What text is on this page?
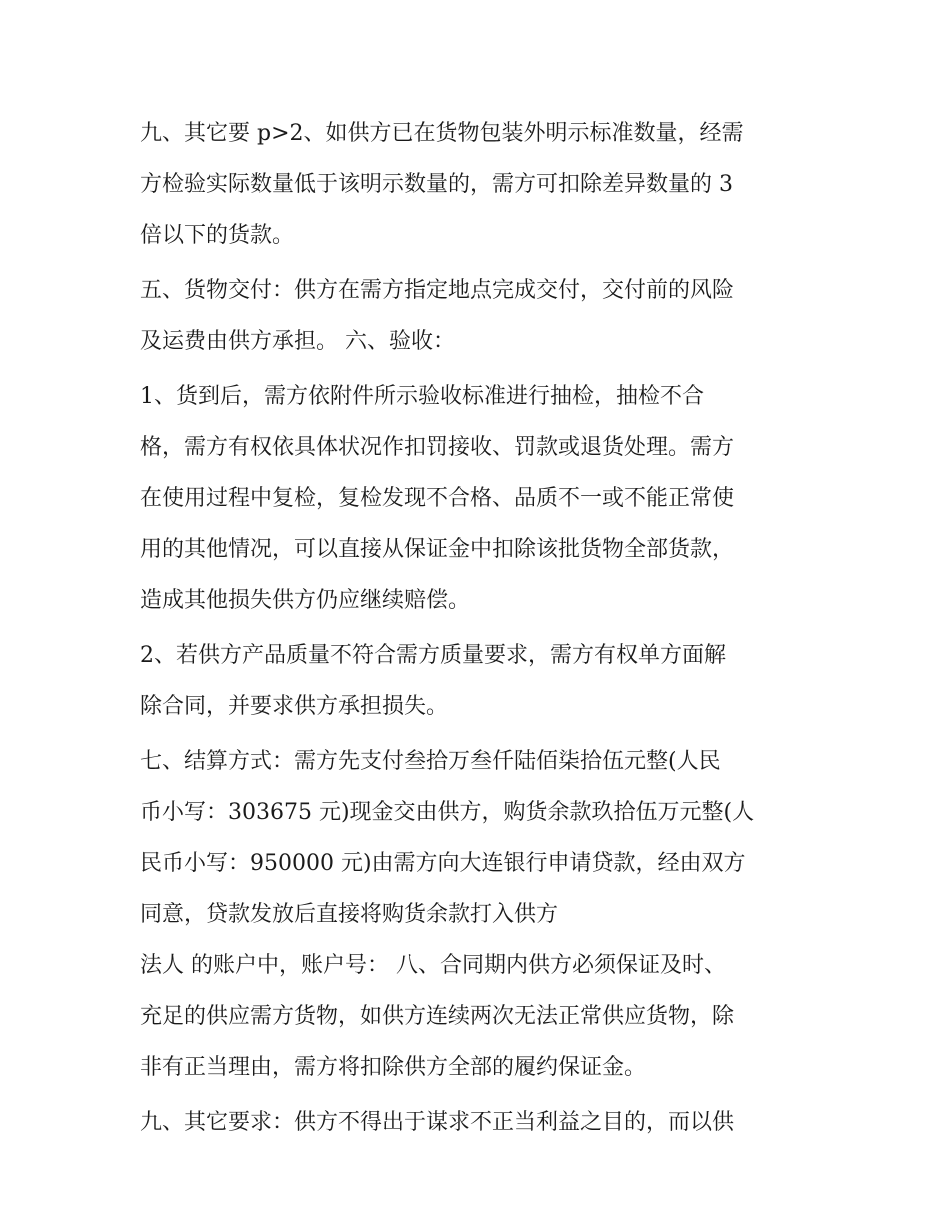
九、其它要 p>2、如供方已在货物包装外明示标准数量，经需
方检验实际数量低于该明示数量的，需方可扣除差异数量的 3
倍以下的货款。
五、货物交付：供方在需方指定地点完成交付，交付前的风险
及运费由供方承担。 六、验收：
1、货到后，需方依附件所示验收标准进行抽检，抽检不合
格，需方有权依具体状况作扣罚接收、罚款或退货处理。需方
在使用过程中复检，复检发现不合格、品质不一或不能正常使
用的其他情况，可以直接从保证金中扣除该批货物全部货款，
造成其他损失供方仍应继续赔偿。
2、若供方产品质量不符合需方质量要求，需方有权单方面解
除合同，并要求供方承担损失。
七、结算方式：需方先支付叁拾万叁仟陆佰柒拾伍元整(人民
币小写：303675 元)现金交由供方，购货余款玖拾伍万元整(人
民币小写：950000 元)由需方向大连银行申请贷款，经由双方
同意，贷款发放后直接将购货余款打入供方
法人 的账户中，账户号： 八、合同期内供方必须保证及时、
充足的供应需方货物，如供方连续两次无法正常供应货物，除
非有正当理由，需方将扣除供方全部的履约保证金。
九、其它要求：供方不得出于谋求不正当利益之目的，而以供
